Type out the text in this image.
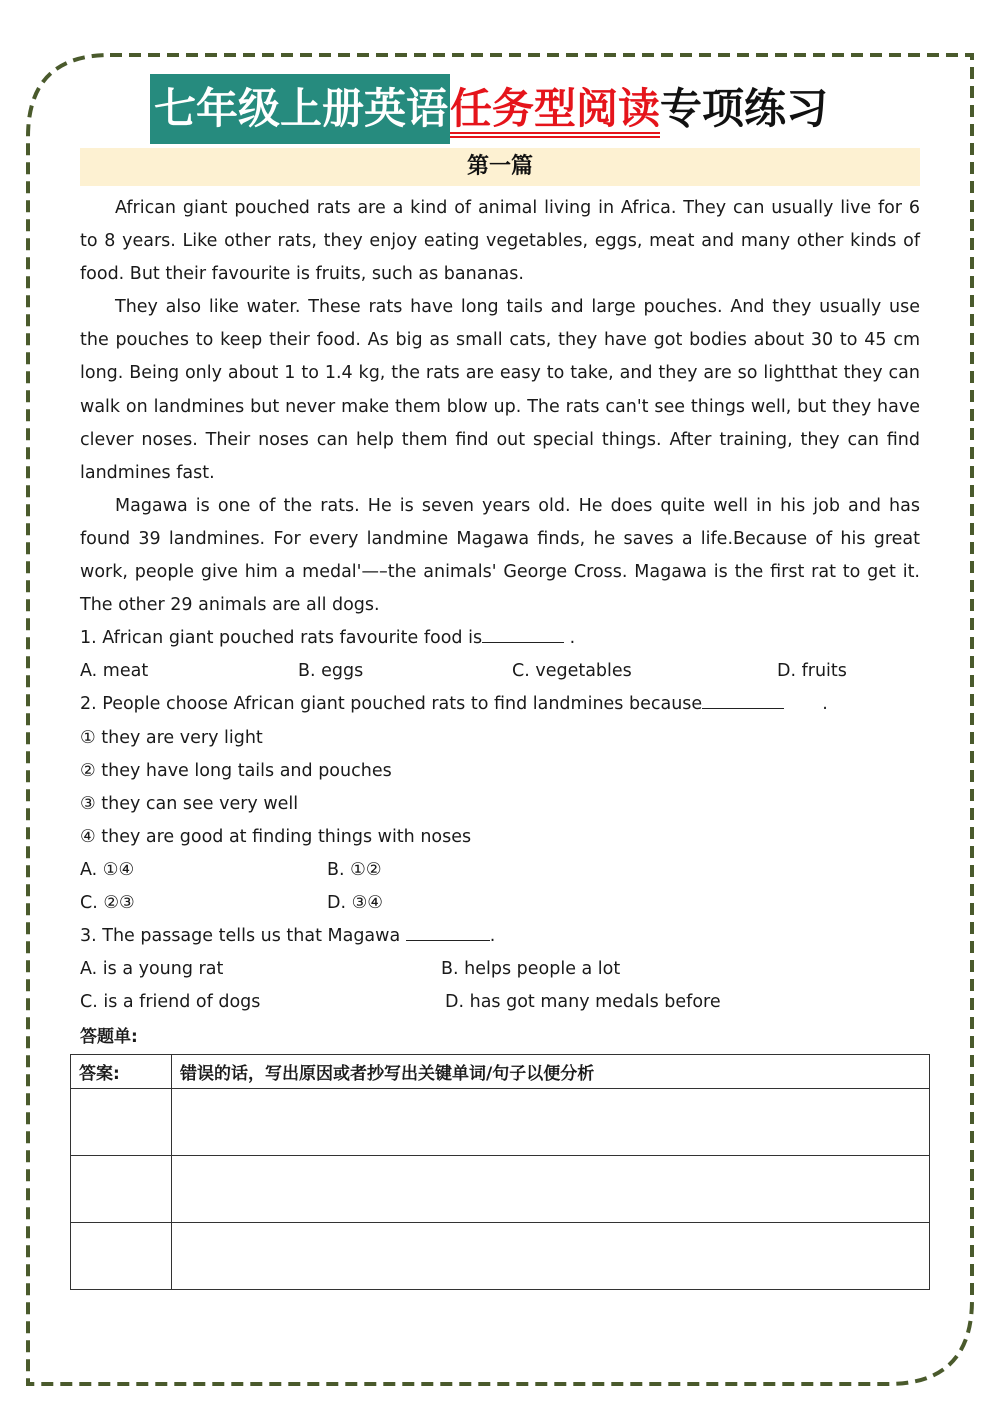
七年级上册英语 任务型阅读 专项练习
第一篇

African giant pouched rats are a kind of animal living in Africa. They can usually live for 6 to 8 years. Like other rats, they enjoy eating vegetables, eggs, meat and many other kinds of food. But their favourite is fruits, such as bananas.

They also like water. These rats have long tails and large pouches. And they usually use the pouches to keep their food. As big as small cats, they have got bodies about 30 to 45 cm long. Being only about 1 to 1.4 kg, the rats are easy to take, and they are so lightthat they can walk on landmines but never make them blow up. The rats can't see things well, but they have clever noses. Their noses can help them find out special things. After training, they can find landmines fast.

Magawa is one of the rats. He is seven years old. He does quite well in his job and has found 39 landmines. For every landmine Magawa finds, he saves a life.Because of his great work, people give him a medal'—–the animals' George Cross. Magawa is the first rat to get it. The other 29 animals are all dogs.

1. African giant pouched rats favourite food is	.
A. meat	B. eggs	C. vegetables	D. fruits
2. People choose African giant pouched rats to find landmines because	.
① they are very light
② they have long tails and pouches
③ they can see very well
④ they are good at finding things with noses
A. ①④	B. ①②
C. ②③	D. ③④
3. The passage tells us that Magawa	.
A. is a young rat	B. helps people a lot
C. is a friend of dogs	D. has got many medals before
答题单:
答案:	错误的话，写出原因或者抄写出关键单词/句子以便分析
